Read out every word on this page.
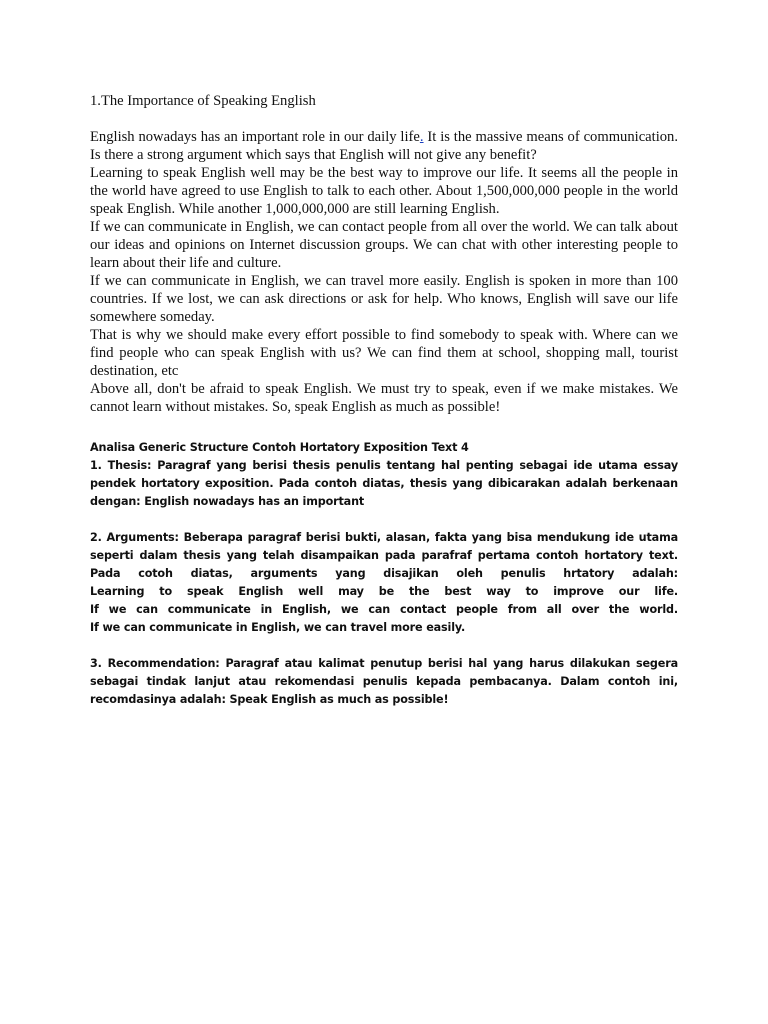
1.The Importance of Speaking English

English nowadays has an important role in our daily life. It is the massive means of communication. Is there a strong argument which says that English will not give any benefit?

Learning to speak English well may be the best way to improve our life. It seems all the people in the world have agreed to use English to talk to each other. About 1,500,000,000 people in the world speak English. While another 1,000,000,000 are still learning English.

If we can communicate in English, we can contact people from all over the world. We can talk about our ideas and opinions on Internet discussion groups. We can chat with other interesting people to learn about their life and culture.

If we can communicate in English, we can travel more easily. English is spoken in more than 100 countries. If we lost, we can ask directions or ask for help. Who knows, English will save our life somewhere someday.

That is why we should make every effort possible to find somebody to speak with. Where can we find people who can speak English with us? We can find them at school, shopping mall, tourist destination, etc

Above all, don't be afraid to speak English. We must try to speak, even if we make mistakes. We cannot learn without mistakes. So, speak English as much as possible!

Analisa Generic Structure Contoh Hortatory Exposition Text 4

1. Thesis: Paragraf yang berisi thesis penulis tentang hal penting sebagai ide utama essay pendek hortatory exposition. Pada contoh diatas, thesis yang dibicarakan adalah berkenaan dengan: English nowadays has an important

2. Arguments: Beberapa paragraf berisi bukti, alasan, fakta yang bisa mendukung ide utama seperti dalam thesis yang telah disampaikan pada parafraf pertama contoh hortatory text. Pada cotoh diatas, arguments yang disajikan oleh penulis hrtatory adalah:

Learning to speak English well may be the best way to improve our life.
If we can communicate in English, we can contact people from all over the world.
If we can communicate in English, we can travel more easily.

3. Recommendation: Paragraf atau kalimat penutup berisi hal yang harus dilakukan segera sebagai tindak lanjut atau rekomendasi penulis kepada pembacanya. Dalam contoh ini, recomdasinya adalah: Speak English as much as possible!
